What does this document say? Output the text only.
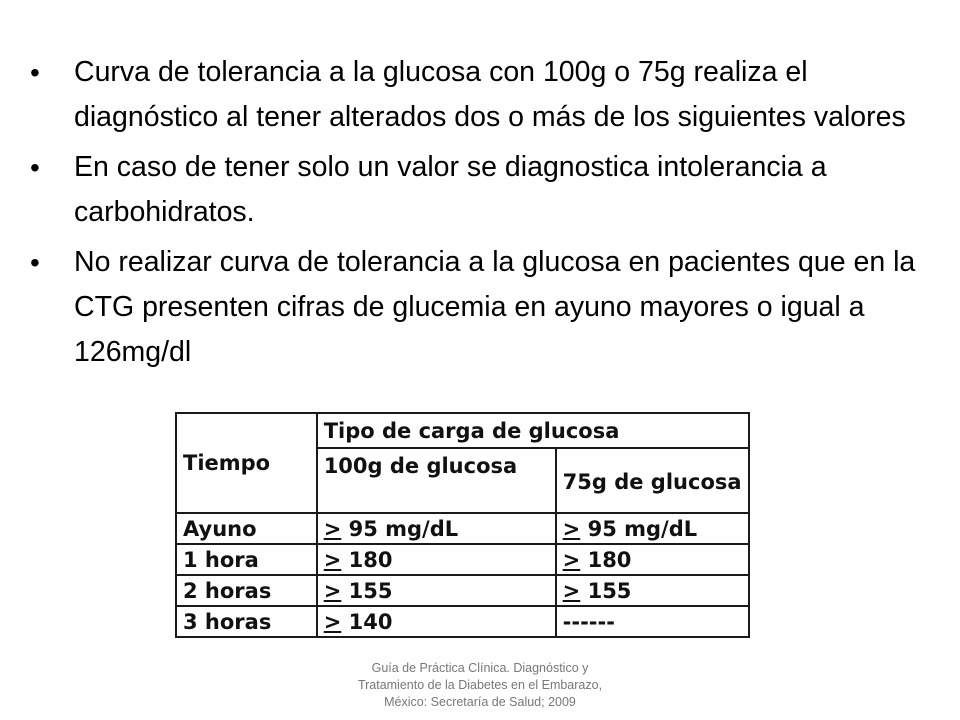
•	Curva de tolerancia a la glucosa con 100g o 75g realiza el diagnóstico al tener alterados dos o más de los siguientes valores
•	En caso de tener solo un valor se diagnostica intolerancia a carbohidratos.
•	No realizar curva de tolerancia a la glucosa en pacientes que en la CTG presenten cifras de glucemia en ayuno mayores o igual a 126mg/dl
Tiempo	Tipo de carga de glucosa	
	100g de glucosa	75g de glucosa
Ayuno	≥ 95 mg/dL	≥ 95 mg/dL
1 hora	≥ 180	≥ 180
2 horas	≥ 155	≥ 155
3 horas	≥ 140	------
Guía de Práctica Clínica. Diagnóstico y
Tratamiento de la Diabetes en el Embarazo,
México: Secretaría de Salud; 2009
